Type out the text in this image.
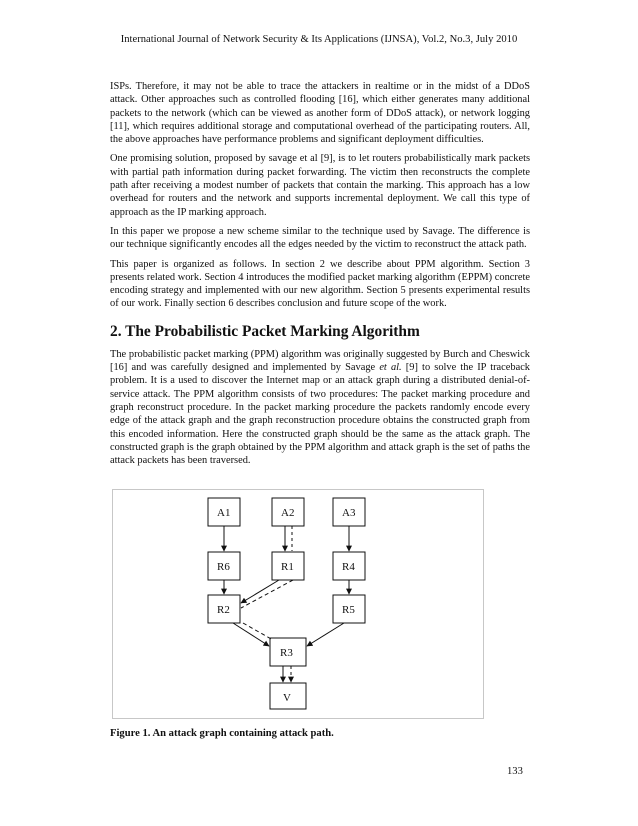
International Journal of Network Security & Its Applications (IJNSA), Vol.2, No.3, July 2010

ISPs. Therefore, it may not be able to trace the attackers in realtime or in the midst of a DDoS attack. Other approaches such as controlled flooding [16], which either generates many additional packets to the network (which can be viewed as another form of DDoS attack), or network logging [11], which requires additional storage and computational overhead of the participating routers. All, the above approaches have performance problems and significant deployment difficulties.

One promising solution, proposed by savage et al [9], is to let routers probabilistically mark packets with partial path information during packet forwarding. The victim then reconstructs the complete path after receiving a modest number of packets that contain the marking. This approach has a low overhead for routers and the network and supports incremental deployment. We call this type of approach as the IP marking approach.

In this paper we propose a new scheme similar to the technique used by Savage. The difference is our technique significantly encodes all the edges needed by the victim to reconstruct the attack path.

This paper is organized as follows. In section 2 we describe about PPM algorithm. Section 3 presents related work. Section 4 introduces the modified packet marking algorithm (EPPM) concrete encoding strategy and implemented with our new algorithm. Section 5 presents experimental results of our work. Finally section 6 describes conclusion and future scope of the work.

2. The Probabilistic Packet Marking Algorithm

The probabilistic packet marking (PPM) algorithm was originally suggested by Burch and Cheswick [16] and was carefully designed and implemented by Savage et al. [9] to solve the IP traceback problem. It is a used to discover the Internet map or an attack graph during a distributed denial-of-service attack. The PPM algorithm consists of two procedures: The packet marking procedure and graph reconstruct procedure. In the packet marking procedure the packets randomly encode every edge of the attack graph and the graph reconstruction procedure obtains the constructed graph from this encoded information. Here the constructed graph should be the same as the attack graph. The constructed graph is the graph obtained by the PPM algorithm and attack graph is the set of paths the attack packets has been traversed.

A1	A2	A3
R6	R1	R4
R2	R5
R3
V
Figure 1. An attack graph containing attack path.
133
